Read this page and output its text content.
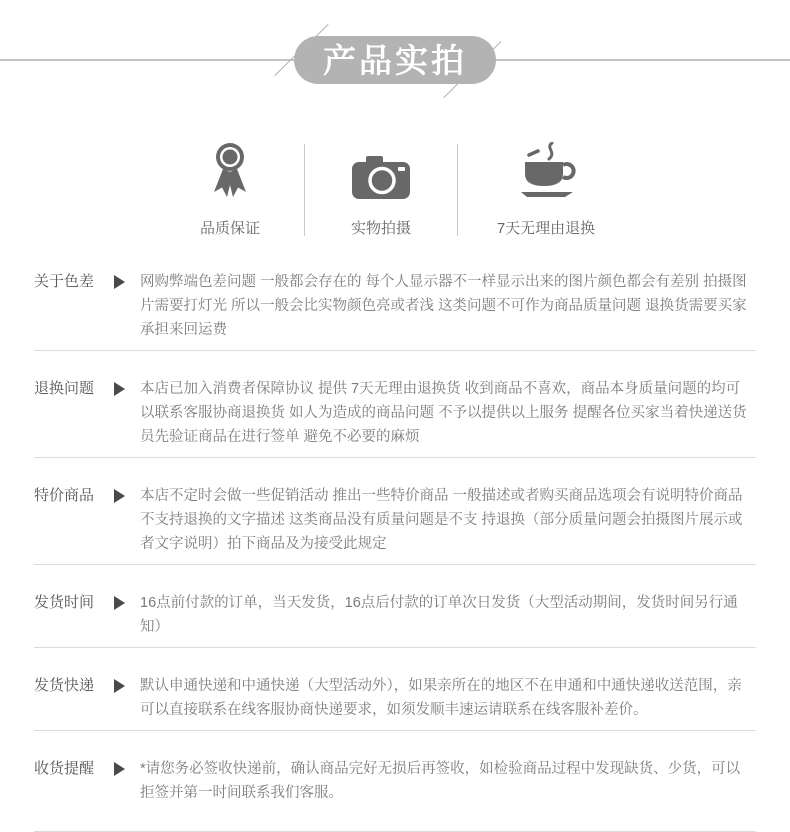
产品实拍
品质保证	实物拍摄	7天无理由退换
关于色差	网购弊端色差问题 一般都会存在的 每个人显示器不一样显示出来的图片颜色都会有差别 拍摄图片需要打灯光 所以一般会比实物颜色亮或者浅 这类问题不可作为商品质量问题 退换货需要买家承担来回运费

退换问题	本店已加入消费者保障协议 提供 7天无理由退换货 收到商品不喜欢，商品本身质量问题的均可以联系客服协商退换货 如人为造成的商品问题 不予以提供以上服务 提醒各位买家当着快递送货员先验证商品在进行签单 避免不必要的麻烦

特价商品	本店不定时会做一些促销活动 推出一些特价商品 一般描述或者购买商品选项会有说明特价商品不支持退换的文字描述 这类商品没有质量问题是不支 持退换（部分质量问题会拍摄图片展示或者文字说明）拍下商品及为接受此规定

发货时间	16点前付款的订单，当天发货，16点后付款的订单次日发货（大型活动期间，发货时间另行通知）

发货快递	默认申通快递和中通快递（大型活动外），如果亲所在的地区不在申通和中通快递收送范围，亲可以直接联系在线客服协商快递要求，如须发顺丰速运请联系在线客服补差价。

收货提醒	*请您务必签收快递前，确认商品完好无损后再签收，如检验商品过程中发现缺货、少货，可以拒签并第一时间联系我们客服。
